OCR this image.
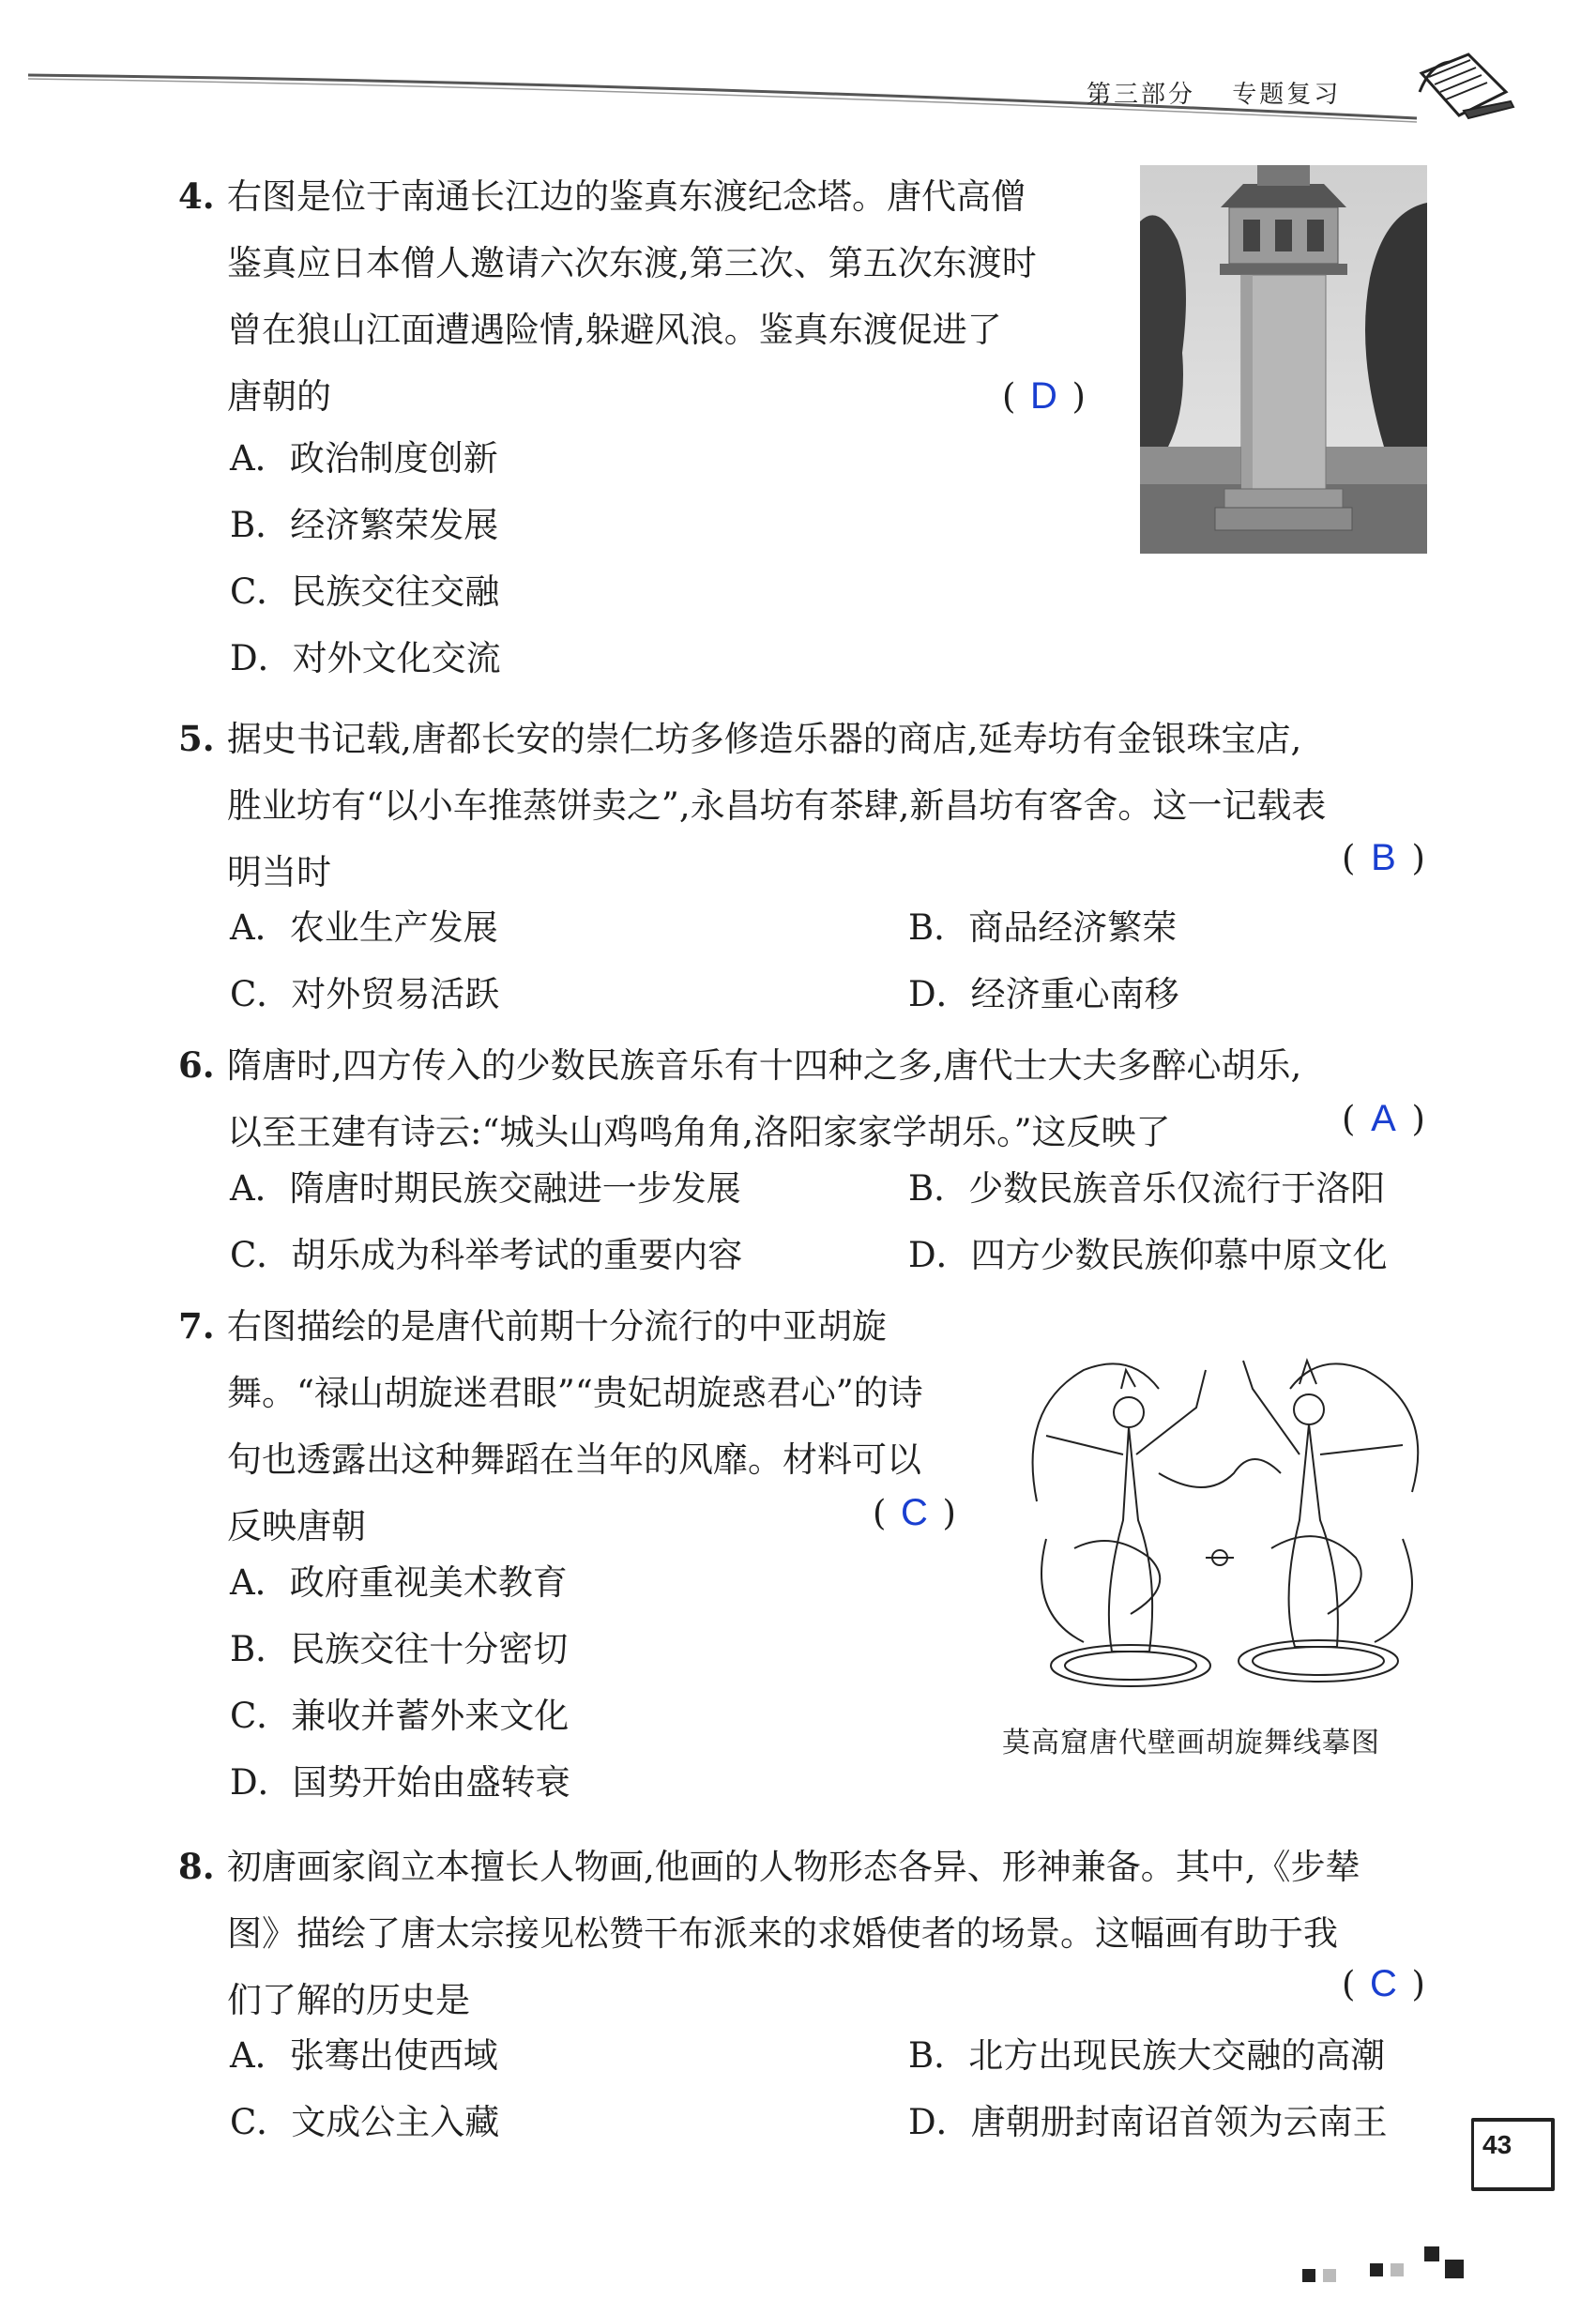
第三部分 专题复习
4. 右图是位于南通长江边的鉴真东渡纪念塔。唐代高僧
鉴真应日本僧人邀请六次东渡,第三次、第五次东渡时
曾在狼山江面遭遇险情,躲避风浪。鉴真东渡促进了
唐朝的	( D )
A．政治制度创新
B．经济繁荣发展
C．民族交往交融
D．对外文化交流
5. 据史书记载,唐都长安的崇仁坊多修造乐器的商店,延寿坊有金银珠宝店,
胜业坊有“以小车推蒸饼卖之”,永昌坊有茶肆,新昌坊有客舍。这一记载表
明当时	( B )
A．农业生产发展	B．商品经济繁荣
C．对外贸易活跃	D．经济重心南移
6. 隋唐时,四方传入的少数民族音乐有十四种之多,唐代士大夫多醉心胡乐,
以至王建有诗云:“城头山鸡鸣角角,洛阳家家学胡乐。”这反映了	( A )
A．隋唐时期民族交融进一步发展	B．少数民族音乐仅流行于洛阳
C．胡乐成为科举考试的重要内容	D．四方少数民族仰慕中原文化
7. 右图描绘的是唐代前期十分流行的中亚胡旋
舞。“禄山胡旋迷君眼”“贵妃胡旋惑君心”的诗
句也透露出这种舞蹈在当年的风靡。材料可以
反映唐朝	( C )
A．政府重视美术教育
B．民族交往十分密切
C．兼收并蓄外来文化
D．国势开始由盛转衰
莫高窟唐代壁画胡旋舞线摹图
8. 初唐画家阎立本擅长人物画,他画的人物形态各异、形神兼备。其中,《步辇
图》描绘了唐太宗接见松赞干布派来的求婚使者的场景。这幅画有助于我
们了解的历史是	( C )
A．张骞出使西域	B．北方出现民族大交融的高潮
C．文成公主入藏	D．唐朝册封南诏首领为云南王
43
